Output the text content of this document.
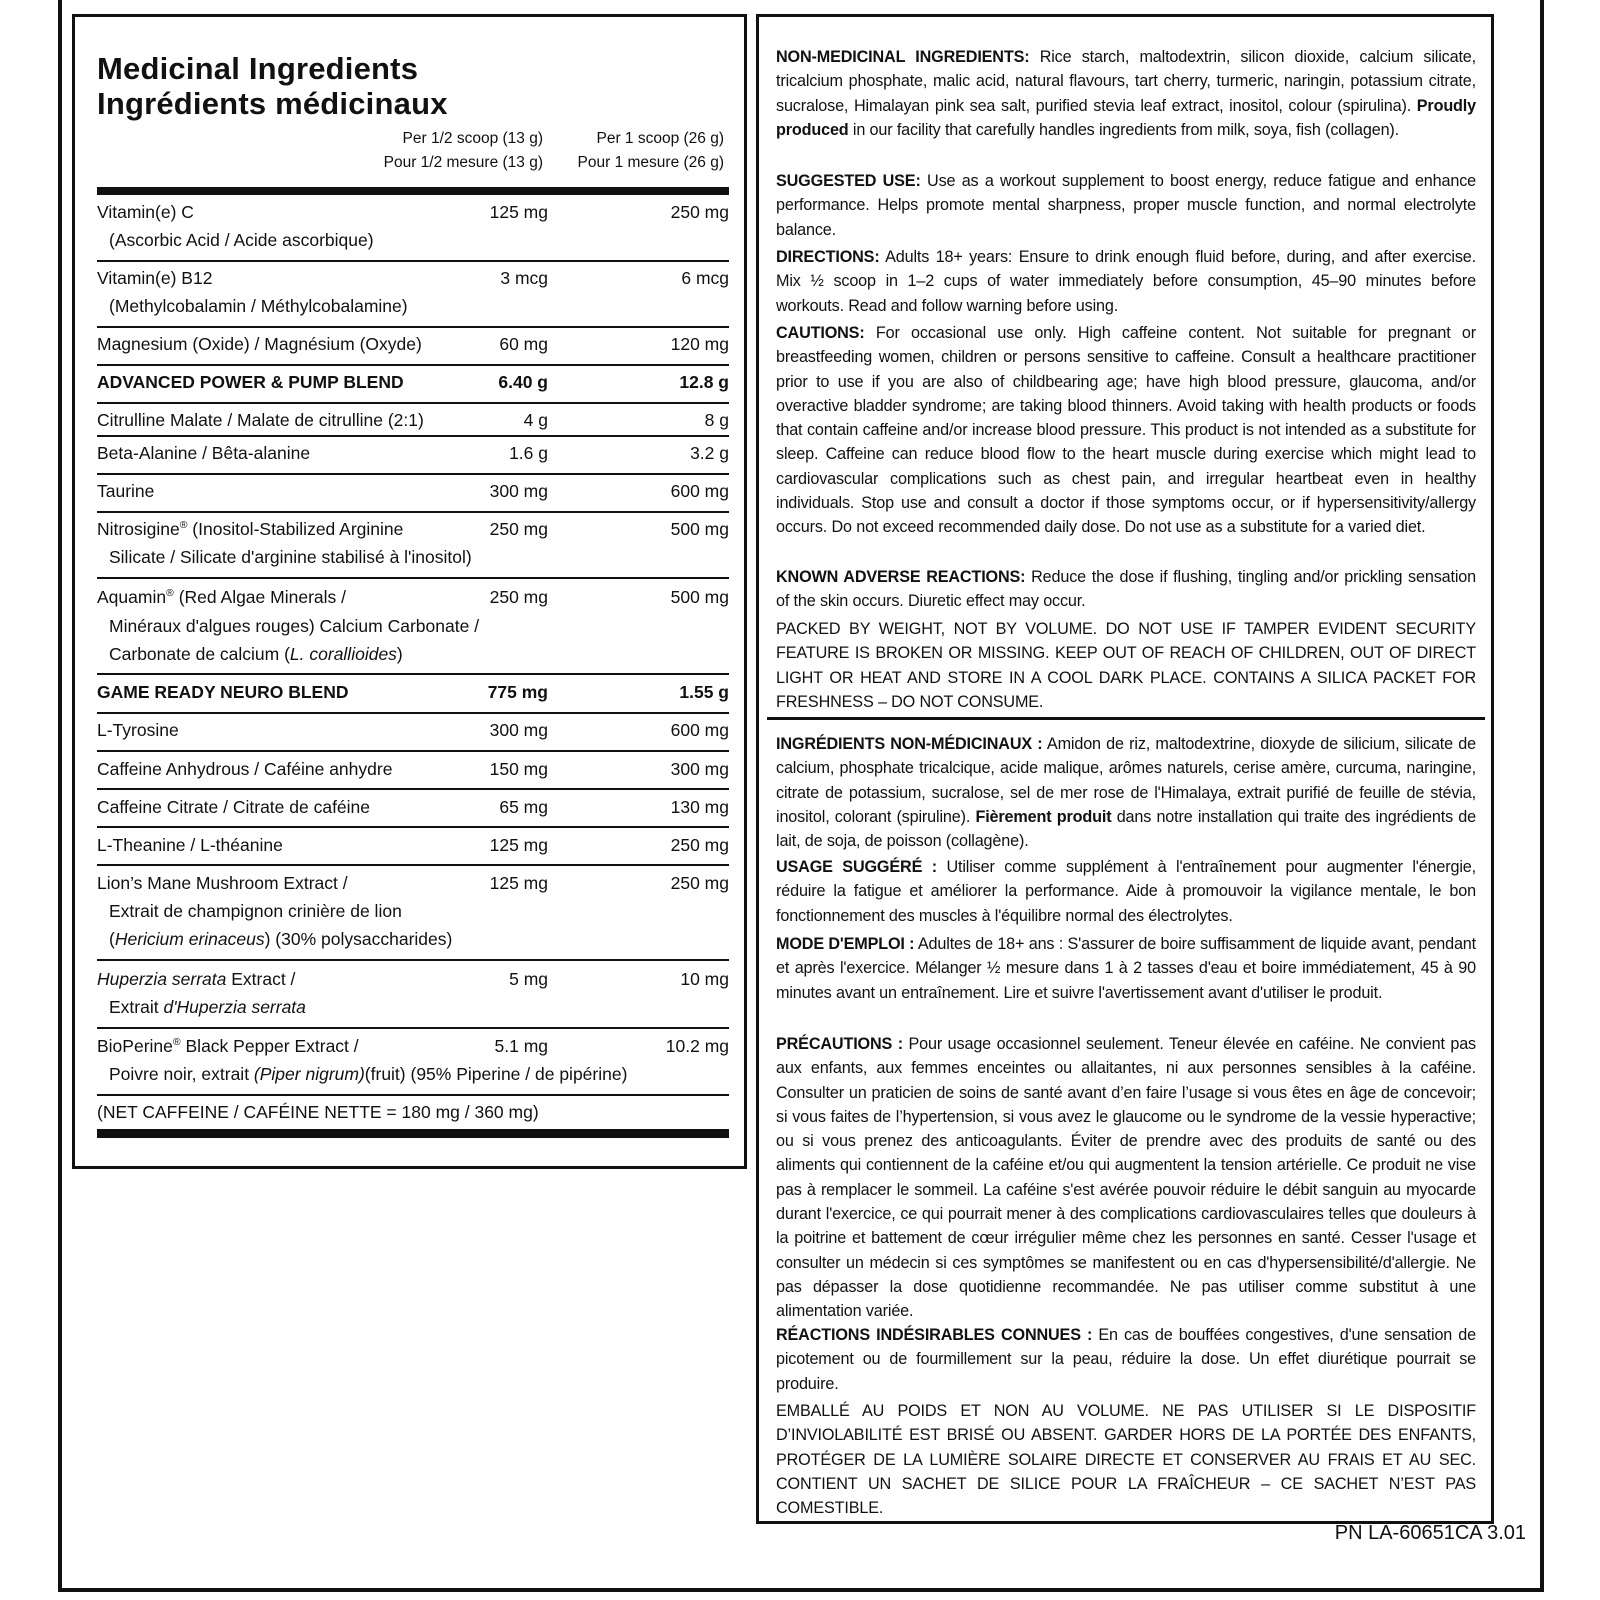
Medicinal Ingredients
Ingrédients médicinaux
Per 1/2 scoop (13 g)
Pour 1/2 mesure (13 g)
Per 1 scoop (26 g)
Pour 1 mesure (26 g)
Vitamin(e) C	125 mg	250 mg
(Ascorbic Acid / Acide ascorbique)
Vitamin(e) B12	3 mcg	6 mcg
(Methylcobalamin / Méthylcobalamine)
Magnesium (Oxide) / Magnésium (Oxyde)	60 mg	120 mg
ADVANCED POWER & PUMP BLEND	6.40 g	12.8 g
Citrulline Malate / Malate de citrulline (2:1)	4 g	8 g
Beta-Alanine / Bêta-alanine	1.6 g	3.2 g
Taurine	300 mg	600 mg
Nitrosigine® (Inositol-Stabilized Arginine	250 mg	500 mg
Silicate / Silicate d'arginine stabilisé à l'inositol)
Aquamin® (Red Algae Minerals /	250 mg	500 mg
Minéraux d'algues rouges) Calcium Carbonate /
Carbonate de calcium (L. corallioides)
GAME READY NEURO BLEND	775 mg	1.55 g
L-Tyrosine	300 mg	600 mg
Caffeine Anhydrous / Caféine anhydre	150 mg	300 mg
Caffeine Citrate / Citrate de caféine	65 mg	130 mg
L-Theanine / L-théanine	125 mg	250 mg
Lion’s Mane Mushroom Extract /	125 mg	250 mg
Extrait de champignon crinière de lion
(Hericium erinaceus) (30% polysaccharides)
Huperzia serrata Extract /	5 mg	10 mg
Extrait d'Huperzia serrata
BioPerine® Black Pepper Extract /	5.1 mg	10.2 mg
Poivre noir, extrait (Piper nigrum)(fruit) (95% Piperine / de pipérine)
(NET CAFFEINE / CAFÉINE NETTE = 180 mg / 360 mg)

NON-MEDICINAL INGREDIENTS: Rice starch, maltodextrin, silicon dioxide, calcium silicate, tricalcium phosphate, malic acid, natural flavours, tart cherry, turmeric, naringin, potassium citrate, sucralose, Himalayan pink sea salt, purified stevia leaf extract, inositol, colour (spirulina). Proudly produced in our facility that carefully handles ingredients from milk, soya, fish (collagen).

SUGGESTED USE: Use as a workout supplement to boost energy, reduce fatigue and enhance performance. Helps promote mental sharpness, proper muscle function, and normal electrolyte balance.

DIRECTIONS: Adults 18+ years: Ensure to drink enough fluid before, during, and after exercise. Mix ½ scoop in 1–2 cups of water immediately before consumption, 45–90 minutes before workouts. Read and follow warning before using.

CAUTIONS: For occasional use only. High caffeine content. Not suitable for pregnant or breastfeeding women, children or persons sensitive to caffeine. Consult a healthcare practitioner prior to use if you are also of childbearing age; have high blood pressure, glaucoma, and/or overactive bladder syndrome; are taking blood thinners. Avoid taking with health products or foods that contain caffeine and/or increase blood pressure. This product is not intended as a substitute for sleep. Caffeine can reduce blood flow to the heart muscle during exercise which might lead to cardiovascular complications such as chest pain, and irregular heartbeat even in healthy individuals. Stop use and consult a doctor if those symptoms occur, or if hypersensitivity/allergy occurs. Do not exceed recommended daily dose. Do not use as a substitute for a varied diet.

KNOWN ADVERSE REACTIONS: Reduce the dose if flushing, tingling and/or prickling sensation of the skin occurs. Diuretic effect may occur.

PACKED BY WEIGHT, NOT BY VOLUME. DO NOT USE IF TAMPER EVIDENT SECURITY FEATURE IS BROKEN OR MISSING. KEEP OUT OF REACH OF CHILDREN, OUT OF DIRECT LIGHT OR HEAT AND STORE IN A COOL DARK PLACE. CONTAINS A SILICA PACKET FOR FRESHNESS – DO NOT CONSUME.

INGRÉDIENTS NON-MÉDICINAUX : Amidon de riz, maltodextrine, dioxyde de silicium, silicate de calcium, phosphate tricalcique, acide malique, arômes naturels, cerise amère, curcuma, naringine, citrate de potassium, sucralose, sel de mer rose de l'Himalaya, extrait purifié de feuille de stévia, inositol, colorant (spiruline). Fièrement produit dans notre installation qui traite des ingrédients de lait, de soja, de poisson (collagène).

USAGE SUGGÉRÉ : Utiliser comme supplément à l'entraînement pour augmenter l'énergie, réduire la fatigue et améliorer la performance. Aide à promouvoir la vigilance mentale, le bon fonctionnement des muscles à l'équilibre normal des électrolytes.

MODE D'EMPLOI : Adultes de 18+ ans : S'assurer de boire suffisamment de liquide avant, pendant et après l'exercice. Mélanger ½ mesure dans 1 à 2 tasses d'eau et boire immédiatement, 45 à 90 minutes avant un entraînement. Lire et suivre l'avertissement avant d'utiliser le produit.

PRÉCAUTIONS : Pour usage occasionnel seulement. Teneur élevée en caféine. Ne convient pas aux enfants, aux femmes enceintes ou allaitantes, ni aux personnes sensibles à la caféine. Consulter un praticien de soins de santé avant d’en faire l’usage si vous êtes en âge de concevoir; si vous faites de l’hypertension, si vous avez le glaucome ou le syndrome de la vessie hyperactive; ou si vous prenez des anticoagulants. Éviter de prendre avec des produits de santé ou des aliments qui contiennent de la caféine et/ou qui augmentent la tension artérielle. Ce produit ne vise pas à remplacer le sommeil. La caféine s'est avérée pouvoir réduire le débit sanguin au myocarde durant l'exercice, ce qui pourrait mener à des complications cardiovasculaires telles que douleurs à la poitrine et battement de cœur irrégulier même chez les personnes en santé. Cesser l'usage et consulter un médecin si ces symptômes se manifestent ou en cas d'hypersensibilité/d'allergie. Ne pas dépasser la dose quotidienne recommandée. Ne pas utiliser comme substitut à une alimentation variée.

RÉACTIONS INDÉSIRABLES CONNUES : En cas de bouffées congestives, d'une sensation de picotement ou de fourmillement sur la peau, réduire la dose. Un effet diurétique pourrait se produire.

EMBALLÉ AU POIDS ET NON AU VOLUME. NE PAS UTILISER SI LE DISPOSITIF D’INVIOLABILITÉ EST BRISÉ OU ABSENT. GARDER HORS DE LA PORTÉE DES ENFANTS, PROTÉGER DE LA LUMIÈRE SOLAIRE DIRECTE ET CONSERVER AU FRAIS ET AU SEC. CONTIENT UN SACHET DE SILICE POUR LA FRAÎCHEUR – CE SACHET N’EST PAS COMESTIBLE.

PN LA-60651CA 3.01
